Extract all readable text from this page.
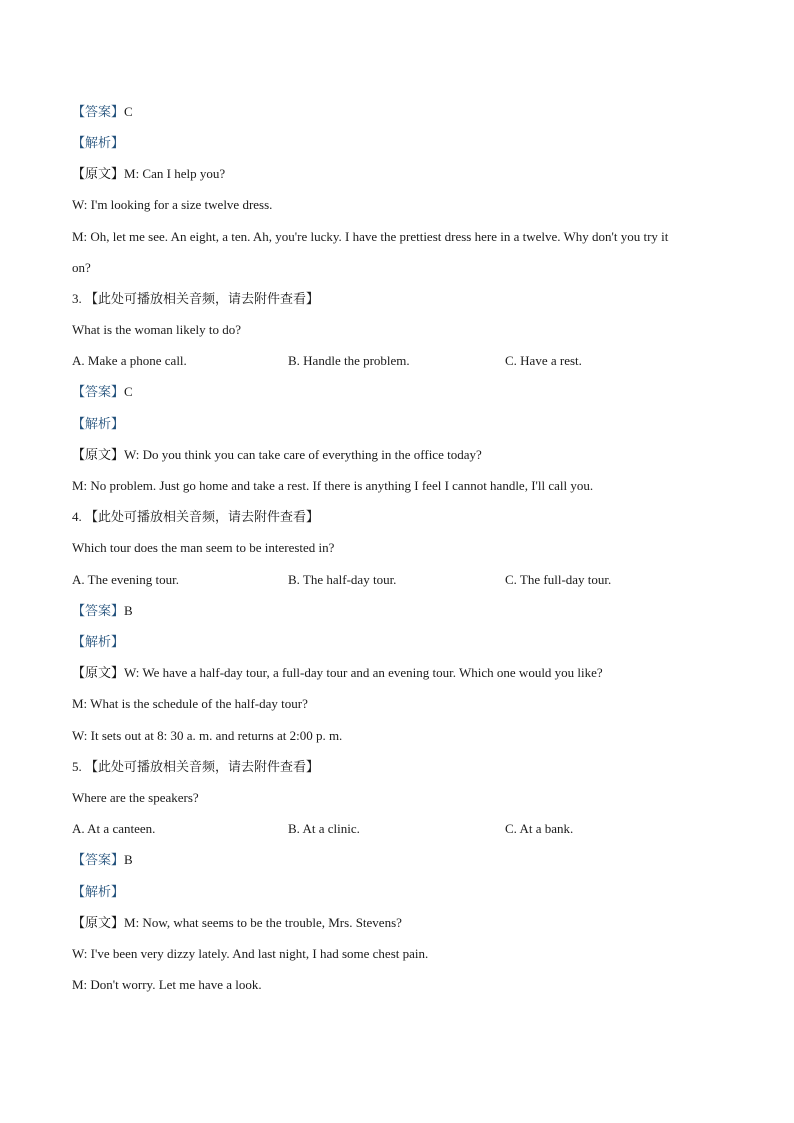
【答案】C
【解析】
【原文】M: Can I help you?
W: I'm looking for a size twelve dress.
M: Oh, let me see. An eight, a ten. Ah, you're lucky. I have the prettiest dress here in a twelve. Why don't you try it
on?
3. 【此处可播放相关音频，请去附件查看】
What is the woman likely to do?
A. Make a phone call.	B. Handle the problem.	C. Have a rest.
【答案】C
【解析】
【原文】W: Do you think you can take care of everything in the office today?
M: No problem. Just go home and take a rest. If there is anything I feel I cannot handle, I'll call you.
4. 【此处可播放相关音频，请去附件查看】
Which tour does the man seem to be interested in?
A. The evening tour.	B. The half-day tour.	C. The full-day tour.
【答案】B
【解析】
【原文】W: We have a half-day tour, a full-day tour and an evening tour. Which one would you like?
M: What is the schedule of the half-day tour?
W: It sets out at 8: 30 a. m. and returns at 2:00 p. m.
5. 【此处可播放相关音频，请去附件查看】
Where are the speakers?
A. At a canteen.	B. At a clinic.	C. At a bank.
【答案】B
【解析】
【原文】M: Now, what seems to be the trouble, Mrs. Stevens?
W: I've been very dizzy lately. And last night, I had some chest pain.
M: Don't worry. Let me have a look.
